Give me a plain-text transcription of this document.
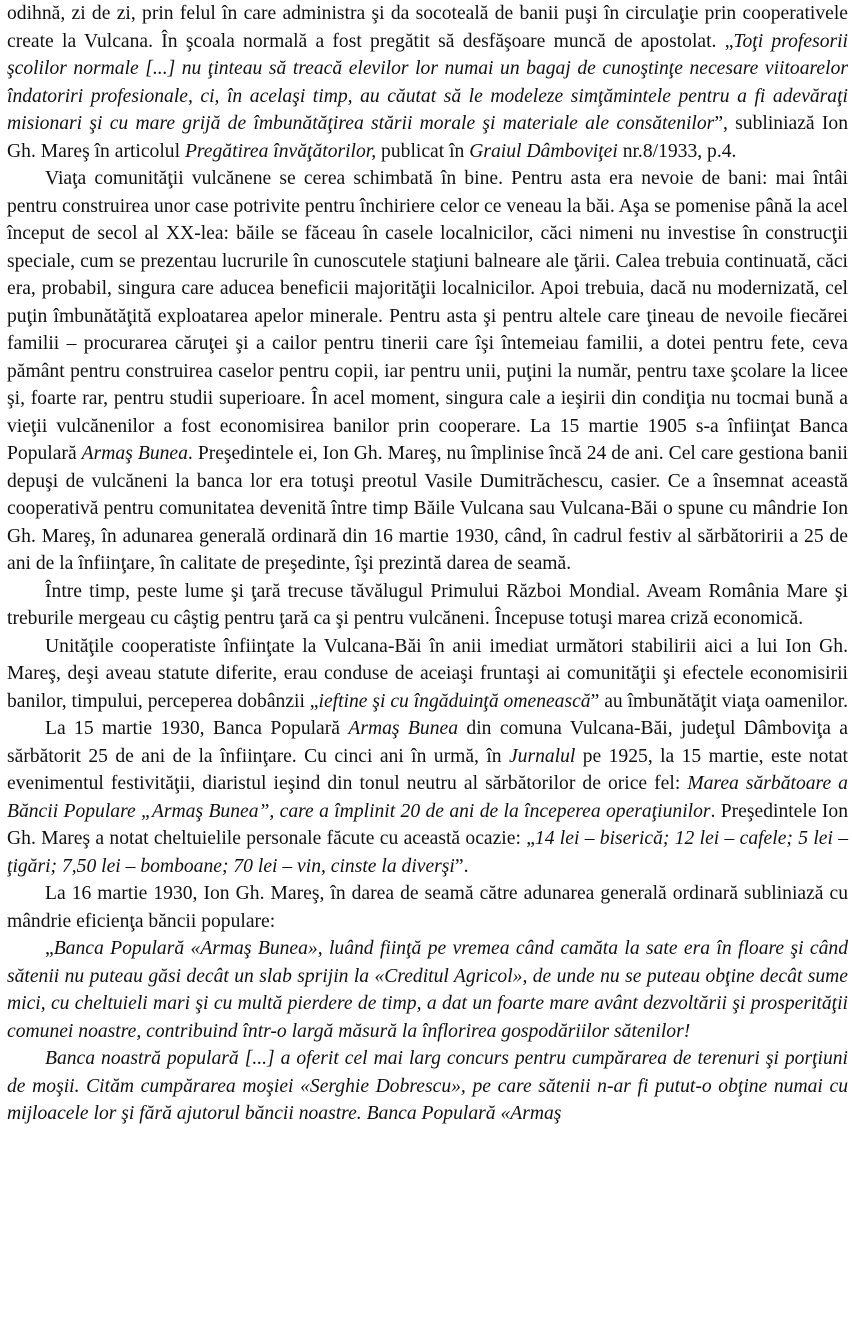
odihnă, zi de zi, prin felul în care administra şi da socoteală de banii puşi în circulaţie prin cooperativele create la Vulcana. În şcoala normală a fost pregătit să desfăşoare muncă de apostolat. „Toţi profesorii şcolilor normale [...] nu ţinteau să treacă elevilor lor numai un bagaj de cunoştinţe necesare viitoarelor îndatoriri profesionale, ci, în acelaşi timp, au căutat să le modeleze simţămintele pentru a fi adevăraţi misionari şi cu mare grijă de îmbunătăţirea stării morale şi materiale ale consătenilor”, subliniază Ion Gh. Mareş în articolul Pregătirea învăţătorilor, publicat în Graiul Dâmboviţei nr.8/1933, p.4.

Viaţa comunităţii vulcănene se cerea schimbată în bine. Pentru asta era nevoie de bani: mai întâi pentru construirea unor case potrivite pentru închiriere celor ce veneau la băi. Aşa se pomenise până la acel început de secol al XX-lea: băile se făceau în casele localnicilor, căci nimeni nu investise în construcţii speciale, cum se prezentau lucrurile în cunoscutele staţiuni balneare ale ţării. Calea trebuia continuată, căci era, probabil, singura care aducea beneficii majorităţii localnicilor. Apoi trebuia, dacă nu modernizată, cel puţin îmbunătăţită exploatarea apelor minerale. Pentru asta şi pentru altele care ţineau de nevoile fiecărei familii – procurarea căruţei şi a cailor pentru tinerii care îşi întemeiau familii, a dotei pentru fete, ceva pământ pentru construirea caselor pentru copii, iar pentru unii, puţini la număr, pentru taxe şcolare la licee şi, foarte rar, pentru studii superioare. În acel moment, singura cale a ieşirii din condiţia nu tocmai bună a vieţii vulcănenilor a fost economisirea banilor prin cooperare. La 15 martie 1905 s-a înfiinţat Banca Populară Armaş Bunea. Preşedintele ei, Ion Gh. Mareş, nu împlinise încă 24 de ani. Cel care gestiona banii depuşi de vulcăneni la banca lor era totuşi preotul Vasile Dumitrăchescu, casier. Ce a însemnat această cooperativă pentru comunitatea devenită între timp Băile Vulcana sau Vulcana-Băi o spune cu mândrie Ion Gh. Mareş, în adunarea generală ordinară din 16 martie 1930, când, în cadrul festiv al sărbătoririi a 25 de ani de la înfiinţare, în calitate de preşedinte, îşi prezintă darea de seamă.

Între timp, peste lume şi ţară trecuse tăvălugul Primului Război Mondial. Aveam România Mare şi treburile mergeau cu câştig pentru ţară ca şi pentru vulcăneni. Începuse totuşi marea criză economică.

Unităţile cooperatiste înfiinţate la Vulcana-Băi în anii imediat următori stabilirii aici a lui Ion Gh. Mareş, deşi aveau statute diferite, erau conduse de aceiaşi fruntaşi ai comunităţii şi efectele economisirii banilor, timpului, perceperea dobânzii „ieftine şi cu îngăduinţă omenească” au îmbunătăţit viaţa oamenilor.

La 15 martie 1930, Banca Populară Armaş Bunea din comuna Vulcana-Băi, judeţul Dâmboviţa a sărbătorit 25 de ani de la înfiinţare. Cu cinci ani în urmă, în Jurnalul pe 1925, la 15 martie, este notat evenimentul festivităţii, diaristul ieşind din tonul neutru al sărbătorilor de orice fel: Marea sărbătoare a Băncii Populare „Armaş Bunea”, care a împlinit 20 de ani de la începerea operaţiunilor. Preşedintele Ion Gh. Mareş a notat cheltuielile personale făcute cu această ocazie: „14 lei – biserică; 12 lei – cafele; 5 lei – ţigări; 7,50 lei – bomboane; 70 lei – vin, cinste la diverşi”.

La 16 martie 1930, Ion Gh. Mareş, în darea de seamă către adunarea generală ordinară subliniază cu mândrie eficienţa băncii populare:

„Banca Populară «Armaş Bunea», luând fiinţă pe vremea când camăta la sate era în floare şi când sătenii nu puteau găsi decât un slab sprijin la «Creditul Agricol», de unde nu se puteau obţine decât sume mici, cu cheltuieli mari şi cu multă pierdere de timp, a dat un foarte mare avânt dezvoltării şi prosperităţii comunei noastre, contribuind într-o largă măsură la înflorirea gospodăriilor sătenilor!

Banca noastră populară [...] a oferit cel mai larg concurs pentru cumpărarea de terenuri şi porţiuni de moşii. Cităm cumpărarea moşiei «Serghie Dobrescu», pe care sătenii n-ar fi putut-o obţine numai cu mijloacele lor şi fără ajutorul băncii noastre. Banca Populară «Armaş
